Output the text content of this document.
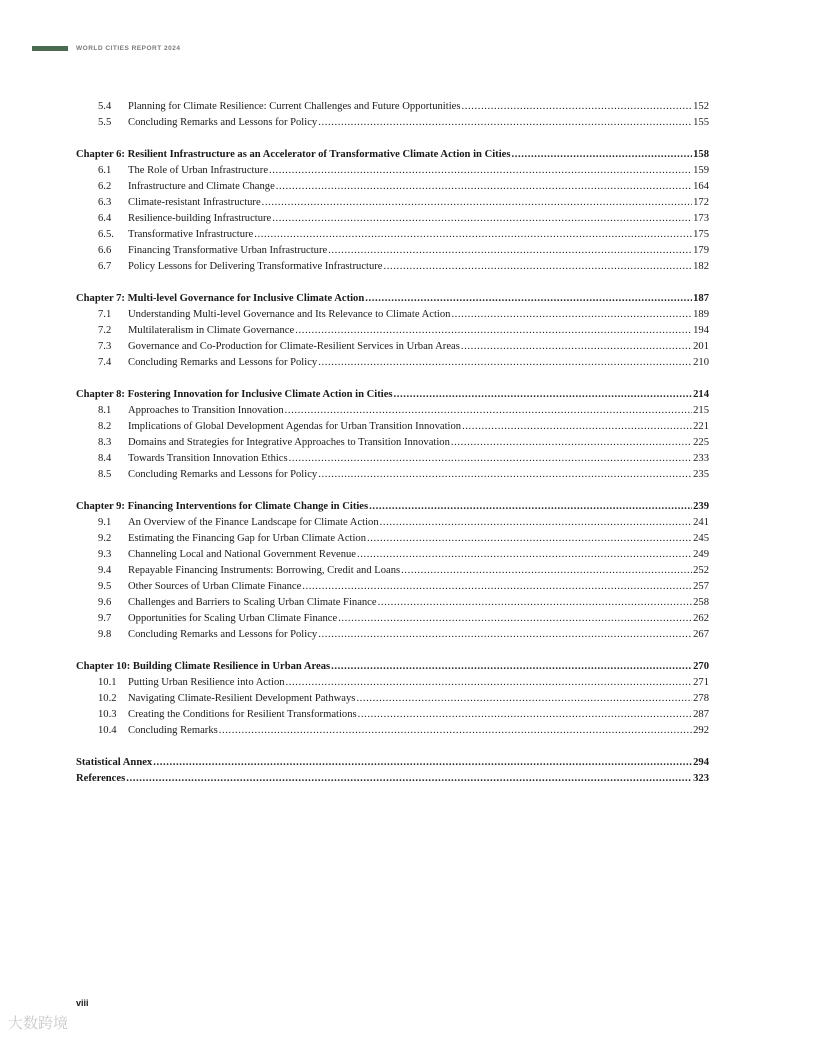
WORLD CITIES REPORT 2024
5.4	Planning for Climate Resilience: Current Challenges and Future Opportunities .....	152
5.5	Concluding Remarks and Lessons for Policy .....	155
Chapter 6: Resilient Infrastructure as an Accelerator of Transformative Climate Action in Cities .....	158
6.1	The Role of Urban Infrastructure .....	159
6.2	Infrastructure and Climate Change .....	164
6.3	Climate-resistant Infrastructure .....	172
6.4	Resilience-building Infrastructure .....	173
6.5.	Transformative Infrastructure .....	175
6.6	Financing Transformative Urban Infrastructure .....	179
6.7	Policy Lessons for Delivering Transformative Infrastructure .....	182
Chapter 7: Multi-level Governance for Inclusive Climate Action .....	187
7.1	Understanding Multi-level Governance and Its Relevance to Climate Action .....	189
7.2	Multilateralism in Climate Governance .....	194
7.3	Governance and Co-Production for Climate-Resilient Services in Urban Areas .....	201
7.4	Concluding Remarks and Lessons for Policy .....	210
Chapter 8: Fostering Innovation for Inclusive Climate Action in Cities .....	214
8.1	Approaches to Transition Innovation .....	215
8.2	Implications of Global Development Agendas for Urban Transition Innovation .....	221
8.3	Domains and Strategies for Integrative Approaches to Transition Innovation .....	225
8.4	Towards Transition Innovation Ethics .....	233
8.5	Concluding Remarks and Lessons for Policy .....	235
Chapter 9: Financing Interventions for Climate Change in Cities .....	239
9.1	An Overview of the Finance Landscape for Climate Action .....	241
9.2	Estimating the Financing Gap for Urban Climate Action .....	245
9.3	Channeling Local and National Government Revenue .....	249
9.4	Repayable Financing Instruments: Borrowing, Credit and Loans .....	252
9.5	Other Sources of Urban Climate Finance .....	257
9.6	Challenges and Barriers to Scaling Urban Climate Finance .....	258
9.7	Opportunities for Scaling Urban Climate Finance .....	262
9.8	Concluding Remarks and Lessons for Policy .....	267
Chapter 10: Building Climate Resilience in Urban Areas .....	270
10.1	Putting Urban Resilience into Action .....	271
10.2	Navigating Climate-Resilient Development Pathways .....	278
10.3	Creating the Conditions for Resilient Transformations .....	287
10.4	Concluding Remarks .....	292
Statistical Annex .....	294
References .....	323
viii
大数跨境
